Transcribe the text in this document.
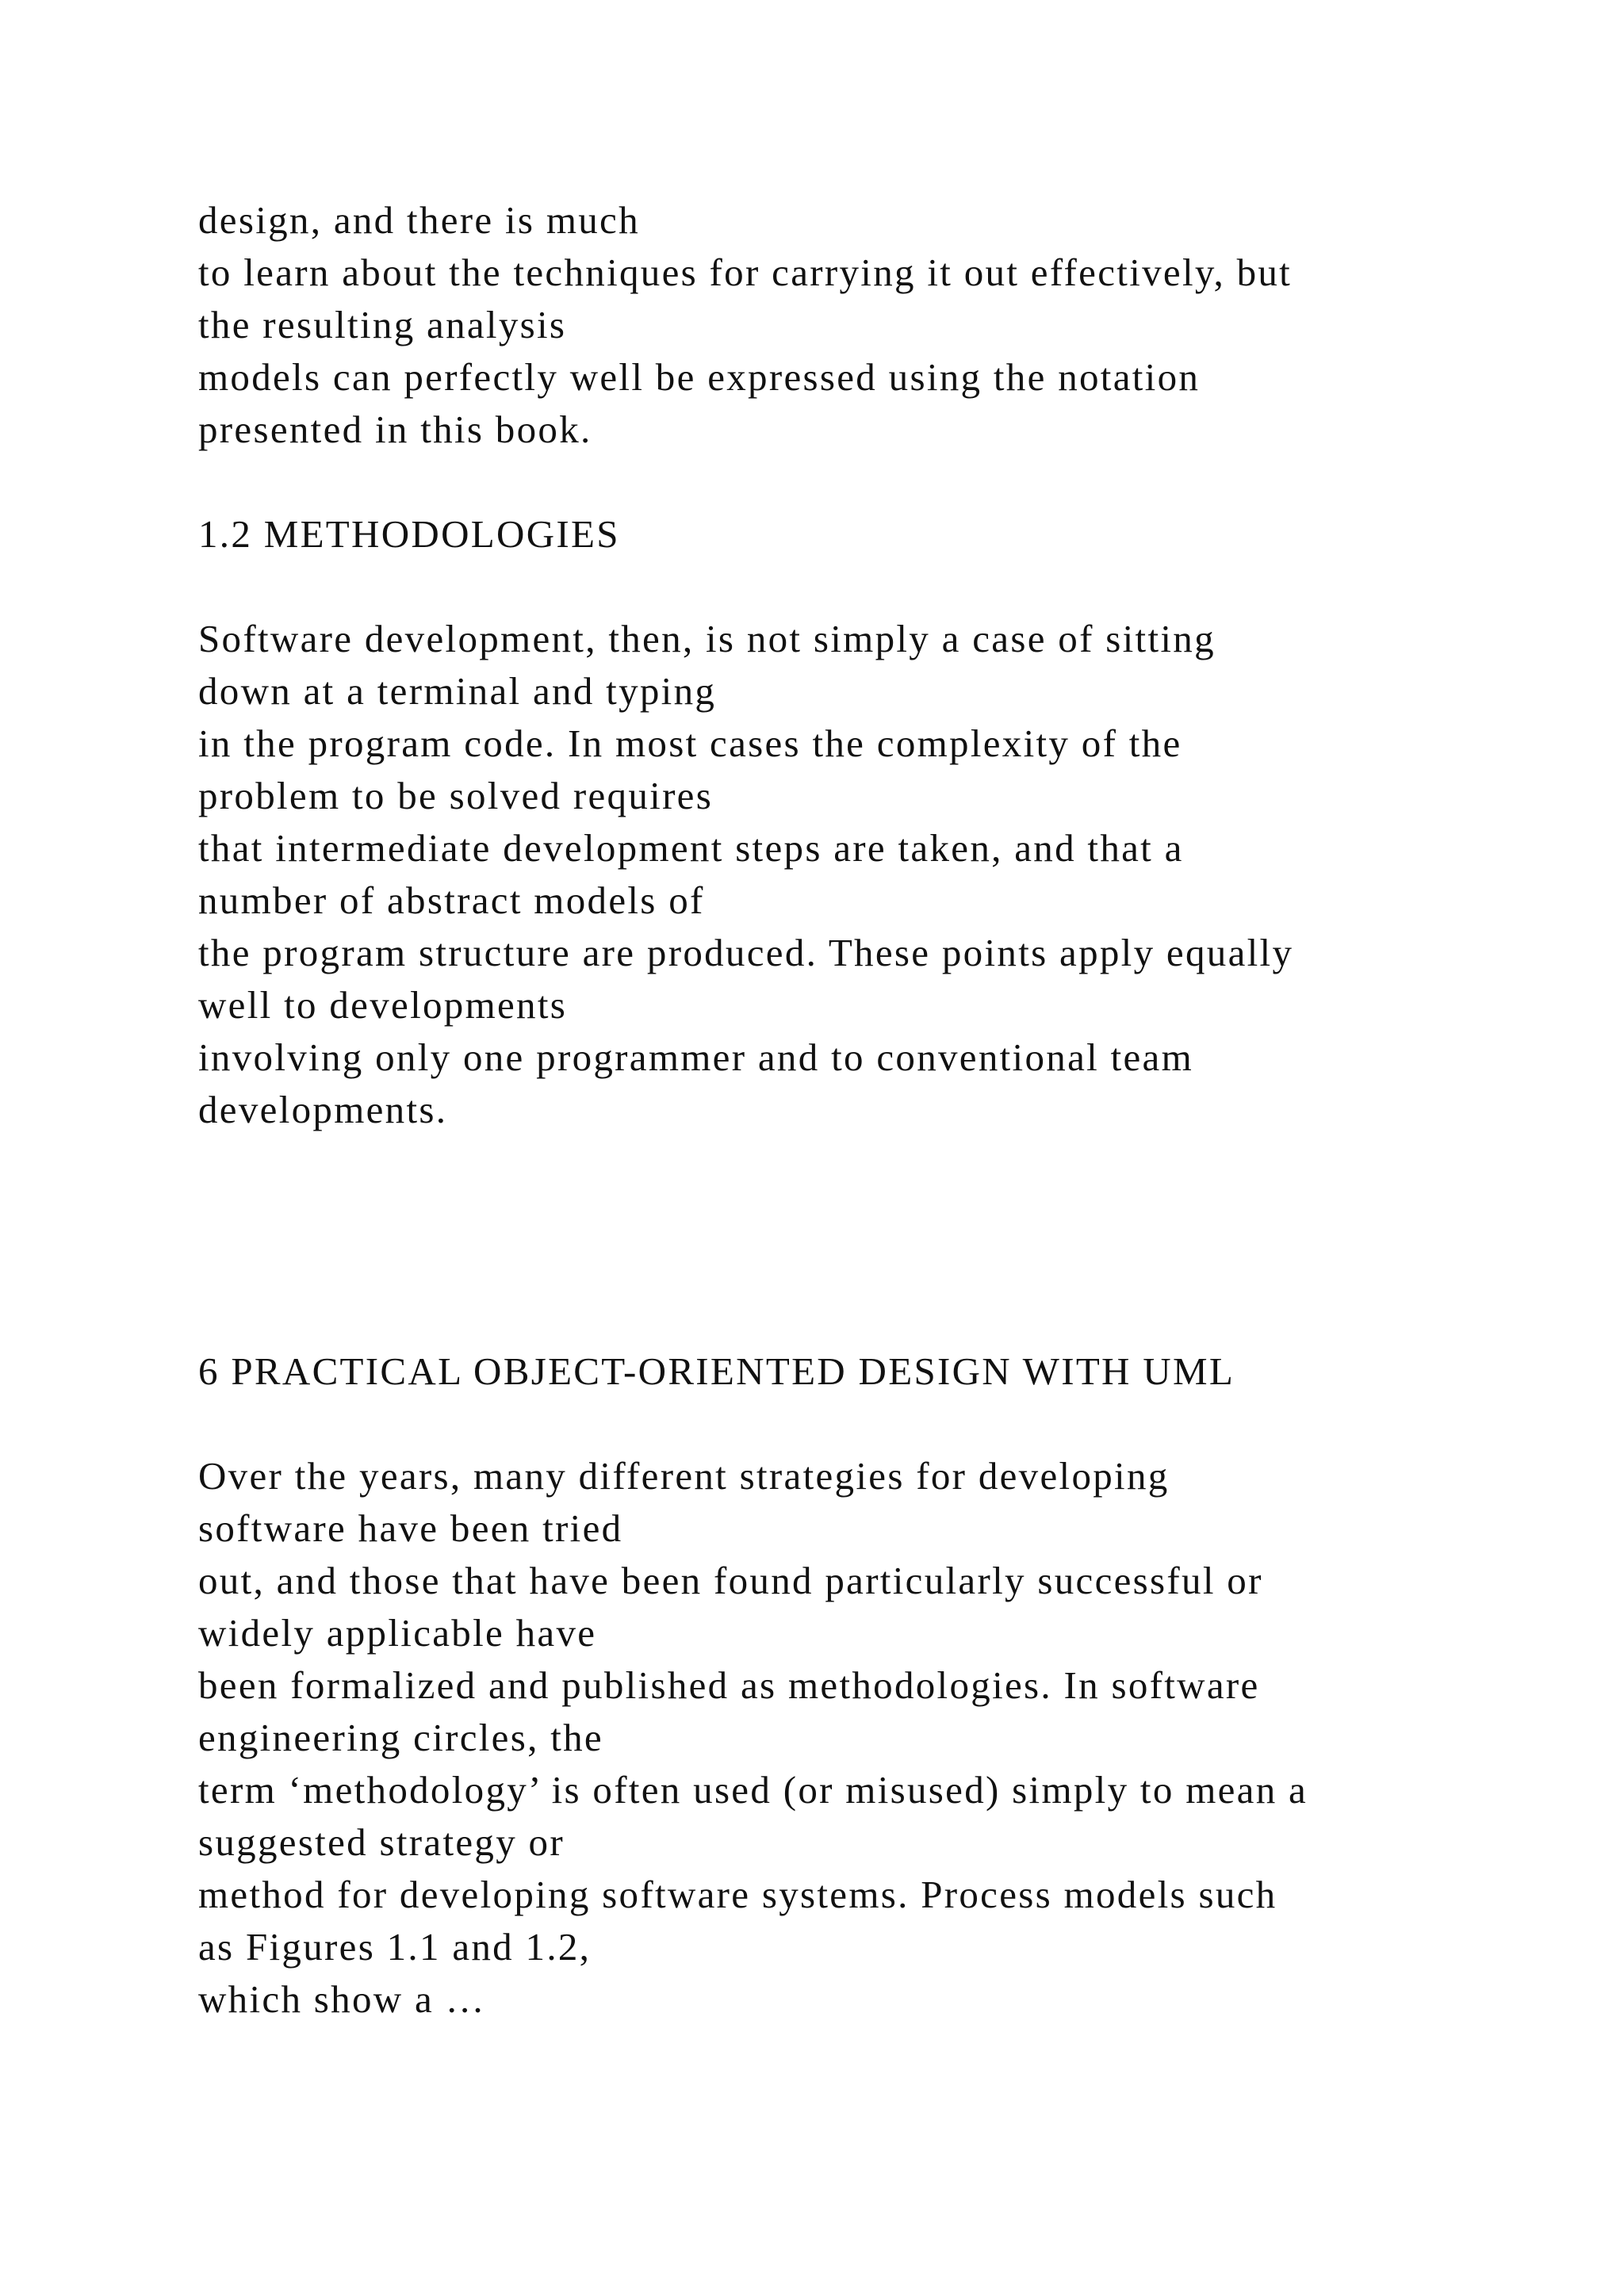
design, and there is much
to learn about the techniques for carrying it out effectively, but
the resulting analysis
models can perfectly well be expressed using the notation
presented in this book.
1.2 METHODOLOGIES
Software development, then, is not simply a case of sitting
down at a terminal and typing
in the program code. In most cases the complexity of the
problem to be solved requires
that intermediate development steps are taken, and that a
number of abstract models of
the program structure are produced. These points apply equally
well to developments
involving only one programmer and to conventional team
developments.
6 PRACTICAL OBJECT-ORIENTED DESIGN WITH UML
Over the years, many different strategies for developing
software have been tried
out, and those that have been found particularly successful or
widely applicable have
been formalized and published as methodologies. In software
engineering circles, the
term ‘methodology’ is often used (or misused) simply to mean a
suggested strategy or
method for developing software systems. Process models such
as Figures 1.1 and 1.2,
which show a …
